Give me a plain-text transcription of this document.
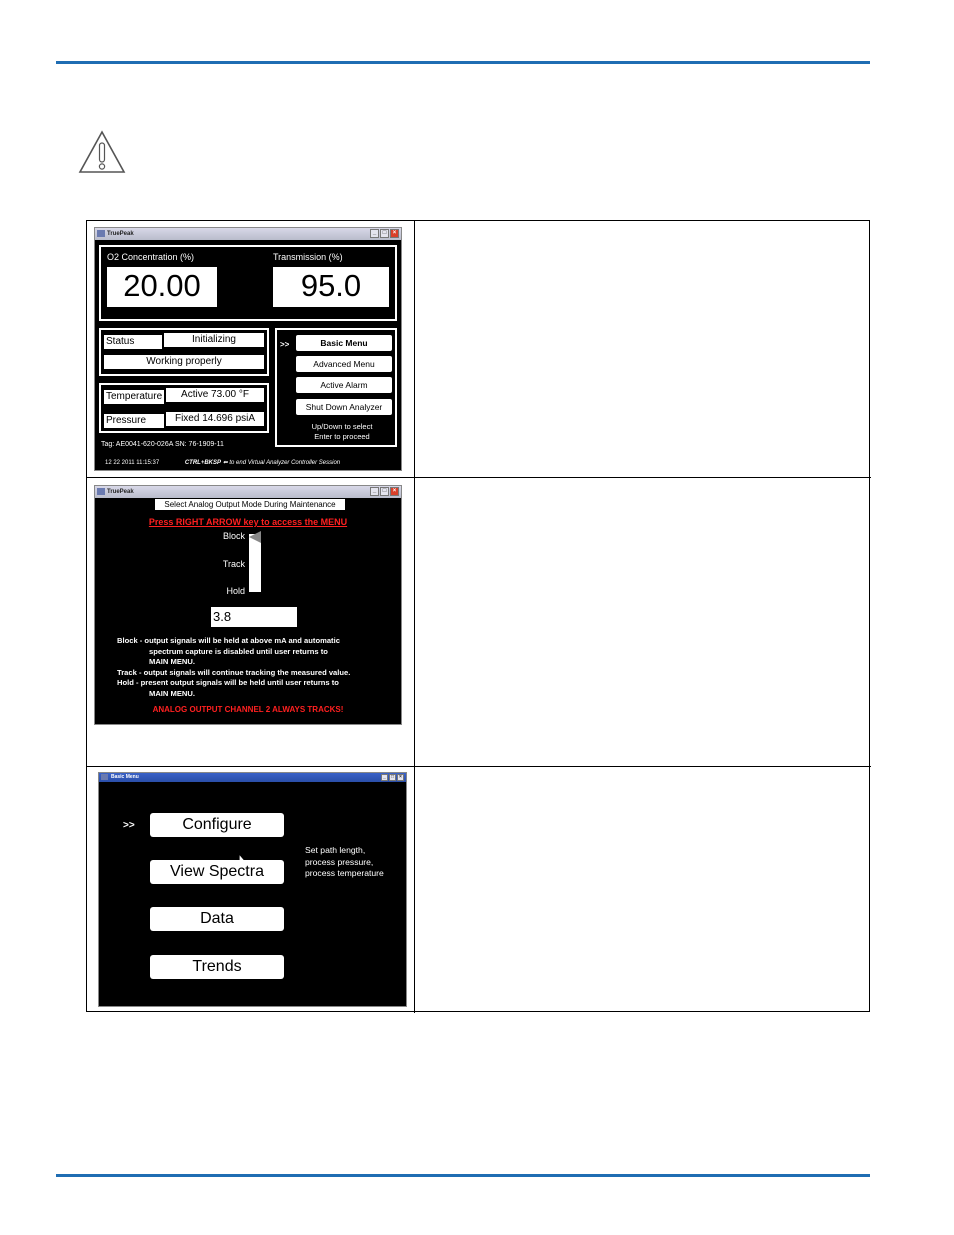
TruePeak	_	□	×
O2 Concentration (%)
20.00
Transmission (%)
95.0
Status	Initializing
Working properly
Temperature	Active 73.00 °F
Pressure	Fixed 14.696 psiA
>>	Basic Menu
Advanced Menu
Active Alarm
Shut Down Analyzer
Up/Down to select
Enter to proceed
Tag: AE0041-620-026A SN: 76-1909-11
12 22 2011 11:15:37	CTRL+BKSP ⬅ to end Virtual Analyzer Controller Session
TruePeak	_	□	×
Select Analog Output Mode During Maintenance
Press RIGHT ARROW key to access the MENU
Block
Track
Hold
3.8
Block - output signals will be held at above mA and automatic
spectrum capture is disabled until user returns to
MAIN MENU.
Track - output signals will continue tracking the measured value.
Hold - present output signals will be held until user returns to
MAIN MENU.
ANALOG OUTPUT CHANNEL 2 ALWAYS TRACKS!
Basic Menu	_	□	×
>>	Configure
View Spectra
Data
Trends
Set path length,
process pressure,
process temperature
